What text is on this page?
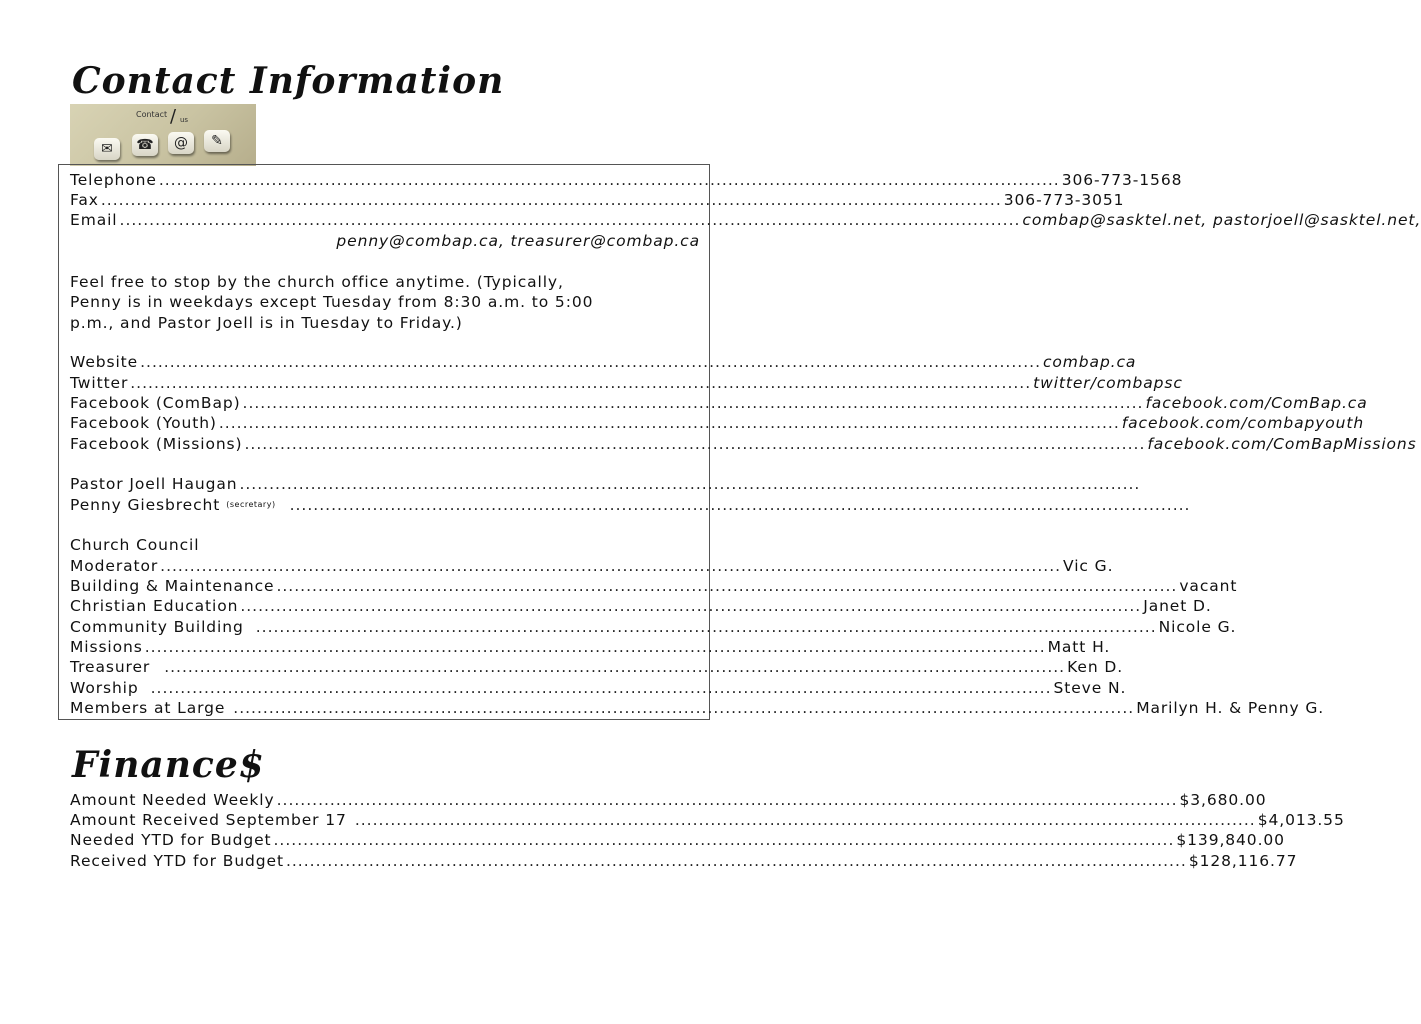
Contact Information
Contact / us
✉	☎	@	✎
Telephone ........................................................................................................................................................ 306-773-1568
Fax ........................................................................................................................................................ 306-773-3051
Email ........................................................................................................................................................ combap@sasktel.net, pastorjoell@sasktel.net,
penny@combap.ca, treasurer@combap.ca
Feel free to stop by the church office anytime. (Typically,
Penny is in weekdays except Tuesday from 8:30 a.m. to 5:00
p.m., and Pastor Joell is in Tuesday to Friday.)
Website ........................................................................................................................................................ combap.ca
Twitter ........................................................................................................................................................ twitter/combapsc
Facebook (ComBap) ........................................................................................................................................................ facebook.com/ComBap.ca
Facebook (Youth) ........................................................................................................................................................ facebook.com/combapyouth
Facebook (Missions) ........................................................................................................................................................ facebook.com/ComBapMissions
Pastor Joell Haugan ........................................................................................................................................................
Penny Giesbrecht (secretary) ........................................................................................................................................................
Church Council
Moderator ........................................................................................................................................................ Vic G.
Building & Maintenance ........................................................................................................................................................ vacant
Christian Education ........................................................................................................................................................ Janet D.
Community Building ........................................................................................................................................................ Nicole G.
Missions ........................................................................................................................................................ Matt H.
Treasurer ........................................................................................................................................................ Ken D.
Worship ........................................................................................................................................................ Steve N.
Members at Large ........................................................................................................................................................ Marilyn H. & Penny G.
Finance$
Amount Needed Weekly ........................................................................................................................................................ $3,680.00
Amount Received September 17 ........................................................................................................................................................ $4,013.55
Needed YTD for Budget ........................................................................................................................................................ $139,840.00
Received YTD for Budget ........................................................................................................................................................ $128,116.77
